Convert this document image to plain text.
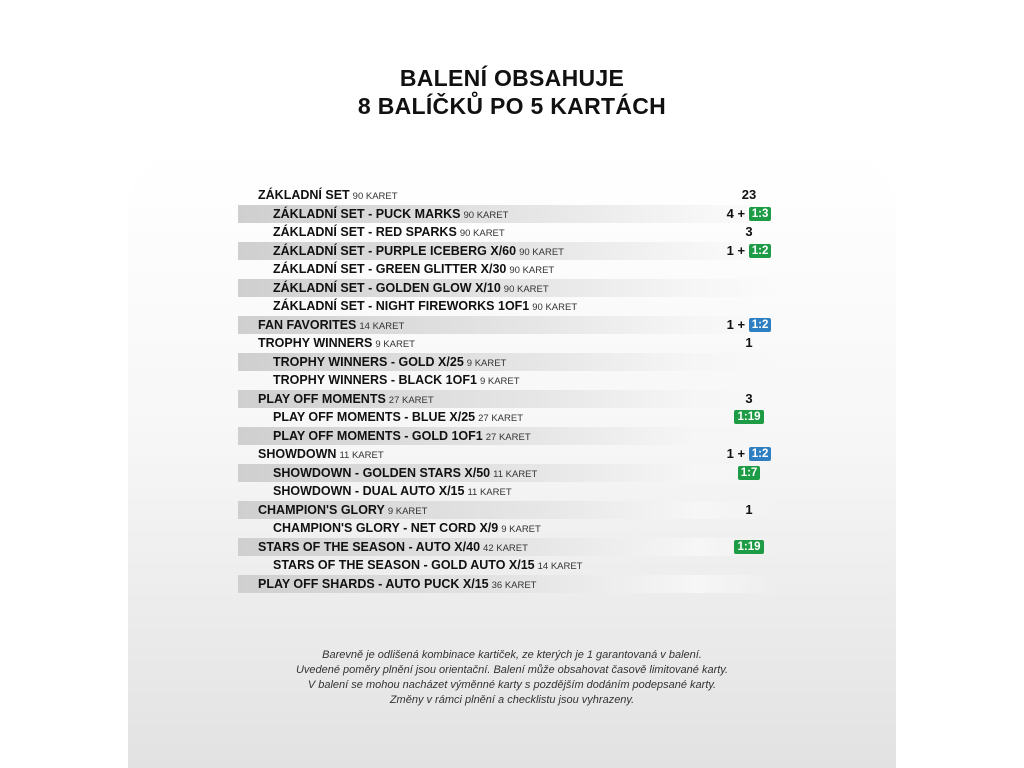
BALENÍ OBSAHUJE
8 BALÍČKŮ PO 5 KARTÁCH
ZÁKLADNÍ SET 90 KARET	23
ZÁKLADNÍ SET - PUCK MARKS 90 KARET	4 + 1:3
ZÁKLADNÍ SET - RED SPARKS 90 KARET	3
ZÁKLADNÍ SET - PURPLE ICEBERG X/60 90 KARET	1 + 1:2
ZÁKLADNÍ SET - GREEN GLITTER X/30 90 KARET
ZÁKLADNÍ SET - GOLDEN GLOW X/10 90 KARET
ZÁKLADNÍ SET - NIGHT FIREWORKS 1OF1 90 KARET
FAN FAVORITES 14 KARET	1 + 1:2
TROPHY WINNERS 9 KARET	1
TROPHY WINNERS - GOLD X/25 9 KARET
TROPHY WINNERS - BLACK 1OF1 9 KARET
PLAY OFF MOMENTS 27 KARET	3
PLAY OFF MOMENTS - BLUE X/25 27 KARET	1:19
PLAY OFF MOMENTS - GOLD 1OF1 27 KARET
SHOWDOWN 11 KARET	1 + 1:2
SHOWDOWN - GOLDEN STARS X/50 11 KARET	1:7
SHOWDOWN - DUAL AUTO X/15 11 KARET
CHAMPION'S GLORY 9 KARET	1
CHAMPION'S GLORY - NET CORD X/9 9 KARET
STARS OF THE SEASON - AUTO X/40 42 KARET	1:19
STARS OF THE SEASON - GOLD AUTO X/15 14 KARET
PLAY OFF SHARDS - AUTO PUCK X/15 36 KARET
Barevně je odlišená kombinace kartiček, ze kterých je 1 garantovaná v balení.
Uvedené poměry plnění jsou orientační. Balení může obsahovat časově limitované karty.
V balení se mohou nacházet výměnné karty s pozdějším dodáním podepsané karty.
Změny v rámci plnění a checklistu jsou vyhrazeny.
